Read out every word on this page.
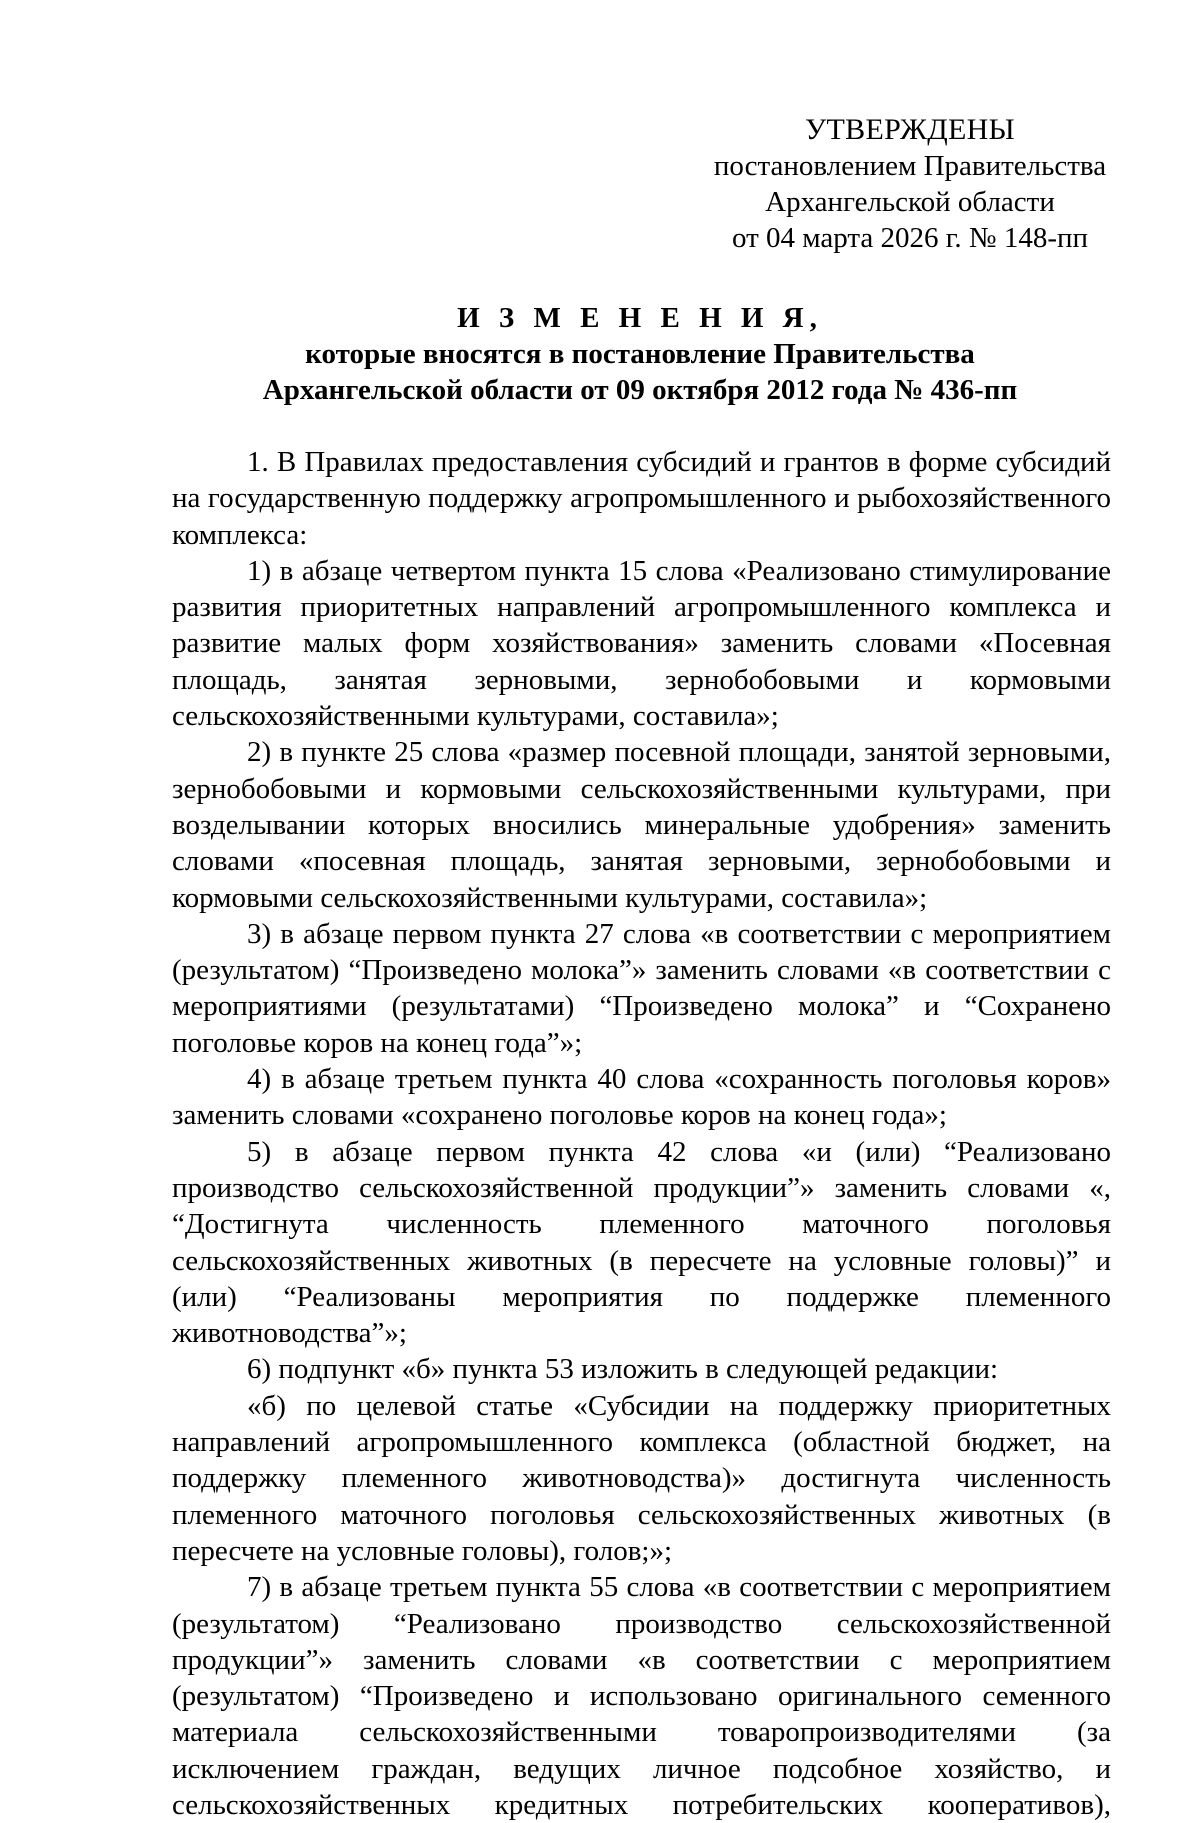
УТВЕРЖДЕНЫ
постановлением Правительства
Архангельской области
от 04 марта 2026 г. № 148-пп
И З М Е Н Е Н И Я,
которые вносятся в постановление Правительства
Архангельской области от 09 октября 2012 года № 436-пп

1. В Правилах предоставления субсидий и грантов в форме субсидий на государственную поддержку агропромышленного и рыбохозяйственного комплекса:

1) в абзаце четвертом пункта 15 слова «Реализовано стимулирование развития приоритетных направлений агропромышленного комплекса и развитие малых форм хозяйствования» заменить словами «Посевная площадь, занятая зерновыми, зернобобовыми и кормовыми сельскохозяйственными культурами, составила»;

2) в пункте 25 слова «размер посевной площади, занятой зерновыми, зернобобовыми и кормовыми сельскохозяйственными культурами, при возделывании которых вносились минеральные удобрения» заменить словами «посевная площадь, занятая зерновыми, зернобобовыми и кормовыми сельскохозяйственными культурами, составила»;

3) в абзаце первом пункта 27 слова «в соответствии с мероприятием (результатом) “Произведено молока”» заменить словами «в соответствии с мероприятиями (результатами) “Произведено молока” и “Сохранено поголовье коров на конец года”»;

4) в абзаце третьем пункта 40 слова «сохранность поголовья коров» заменить словами «сохранено поголовье коров на конец года»;

5) в абзаце первом пункта 42 слова «и (или) “Реализовано производство сельскохозяйственной продукции”» заменить словами «, “Достигнута численность племенного маточного поголовья сельскохозяйственных животных (в пересчете на условные головы)” и (или) “Реализованы мероприятия по поддержке племенного животноводства”»;

6) подпункт «б» пункта 53 изложить в следующей редакции:

«б) по целевой статье «Субсидии на поддержку приоритетных направлений агропромышленного комплекса (областной бюджет, на поддержку племенного животноводства)» достигнута численность племенного маточного поголовья сельскохозяйственных животных (в пересчете на условные головы), голов;»;

7) в абзаце третьем пункта 55 слова «в соответствии с мероприятием (результатом) “Реализовано производство сельскохозяйственной продукции”» заменить словами «в соответствии с мероприятием (результатом) “Произведено и использовано оригинального семенного материала сельскохозяйственными товаропроизводителями (за исключением граждан, ведущих личное подсобное хозяйство, и сельскохозяйственных кредитных потребительских кооперативов),
